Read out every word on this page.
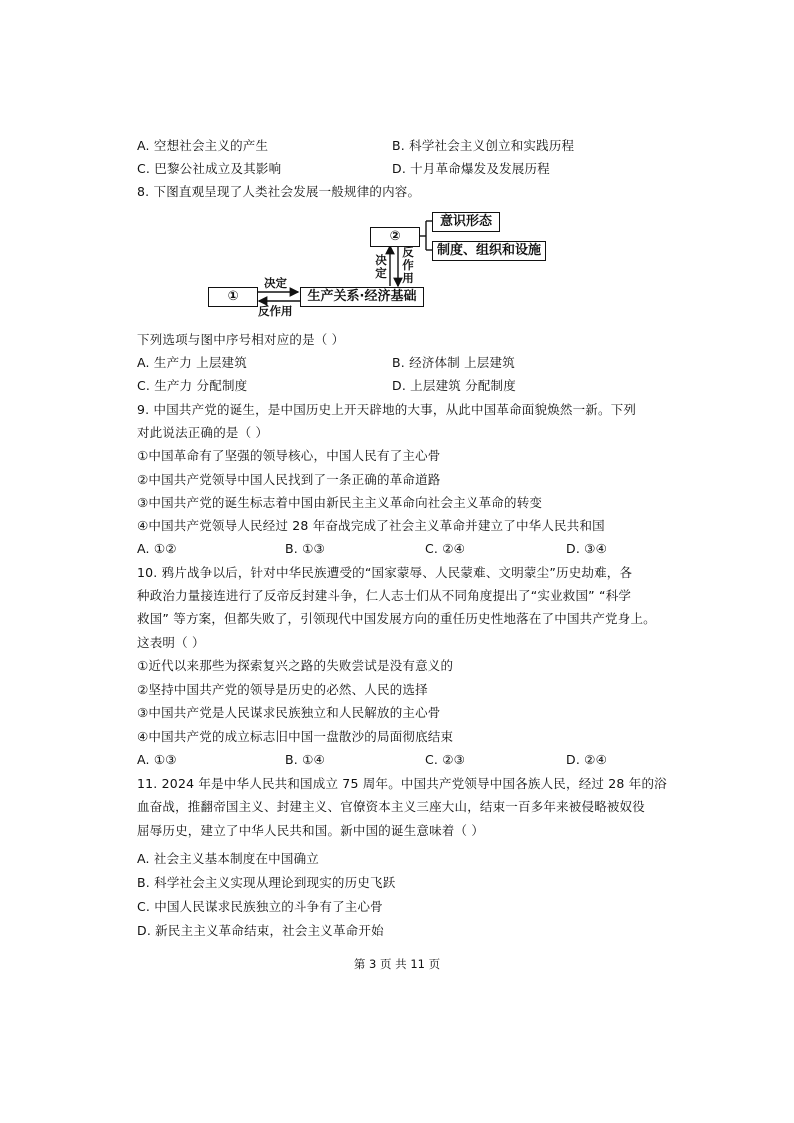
A. 空想社会主义的产生	B. 科学社会主义创立和实践历程
C. 巴黎公社成立及其影响	D. 十月革命爆发及发展历程
8. 下图直观呈现了人类社会发展一般规律的内容。
①	生产关系·经济基础
②
意识形态
制度、组织和设施
决定
反作用
决定
反作用
下列选项与图中序号相对应的是（ ）
A. 生产力 上层建筑	B. 经济体制 上层建筑
C. 生产力 分配制度	D. 上层建筑 分配制度
9. 中国共产党的诞生，是中国历史上开天辟地的大事，从此中国革命面貌焕然一新。下列
对此说法正确的是（ ）
①中国革命有了坚强的领导核心，中国人民有了主心骨
②中国共产党领导中国人民找到了一条正确的革命道路
③中国共产党的诞生标志着中国由新民主主义革命向社会主义革命的转变
④中国共产党领导人民经过 28 年奋战完成了社会主义革命并建立了中华人民共和国
A. ①②	B. ①③	C. ②④	D. ③④
10. 鸦片战争以后，针对中华民族遭受的“国家蒙辱、人民蒙难、文明蒙尘”历史劫难，各
种政治力量接连进行了反帝反封建斗争，仁人志士们从不同角度提出了“实业救国” “科学
救国” 等方案，但都失败了，引领现代中国发展方向的重任历史性地落在了中国共产党身上。
这表明（ ）
①近代以来那些为探索复兴之路的失败尝试是没有意义的
②坚持中国共产党的领导是历史的必然、人民的选择
③中国共产党是人民谋求民族独立和人民解放的主心骨
④中国共产党的成立标志旧中国一盘散沙的局面彻底结束
A. ①③	B. ①④	C. ②③	D. ②④
11. 2024 年是中华人民共和国成立 75 周年。中国共产党领导中国各族人民，经过 28 年的浴
血奋战，推翻帝国主义、封建主义、官僚资本主义三座大山，结束一百多年来被侵略被奴役
屈辱历史，建立了中华人民共和国。新中国的诞生意味着（ ）
A. 社会主义基本制度在中国确立
B. 科学社会主义实现从理论到现实的历史飞跃
C. 中国人民谋求民族独立的斗争有了主心骨
D. 新民主主义革命结束，社会主义革命开始
第 3 页 共 11 页
